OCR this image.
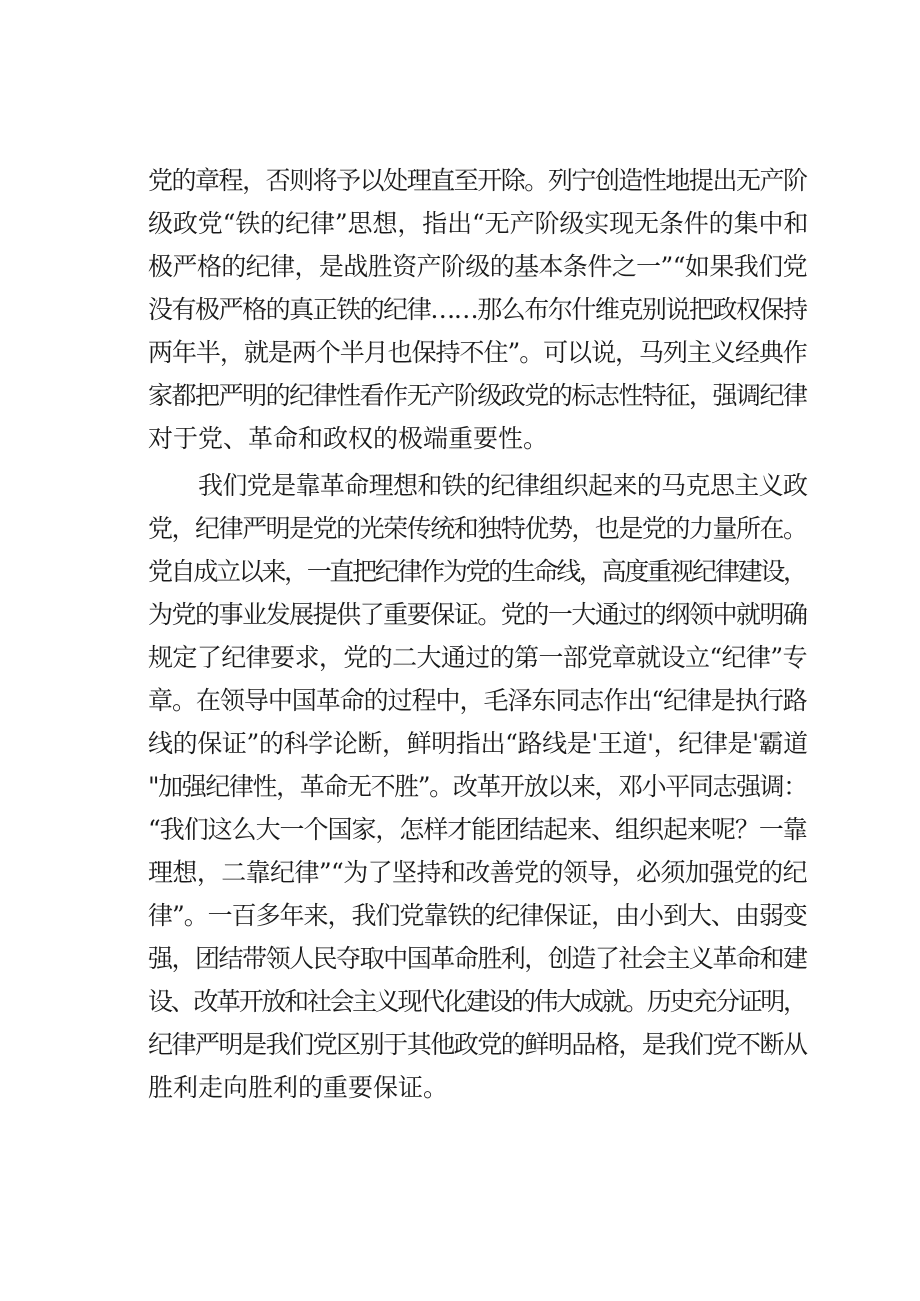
党的章程，否则将予以处理直至开除。列宁创造性地提出无产阶
级政党“铁的纪律”思想，指出“无产阶级实现无条件的集中和
极严格的纪律，是战胜资产阶级的基本条件之一”“如果我们党
没有极严格的真正铁的纪律……那么布尔什维克别说把政权保持
两年半，就是两个半月也保持不住”。可以说，马列主义经典作
家都把严明的纪律性看作无产阶级政党的标志性特征，强调纪律
对于党、革命和政权的极端重要性。
我们党是靠革命理想和铁的纪律组织起来的马克思主义政
党，纪律严明是党的光荣传统和独特优势，也是党的力量所在。
党自成立以来，一直把纪律作为党的生命线，高度重视纪律建设，
为党的事业发展提供了重要保证。党的一大通过的纲领中就明确
规定了纪律要求，党的二大通过的第一部党章就设立“纪律”专
章。在领导中国革命的过程中，毛泽东同志作出“纪律是执行路
线的保证”的科学论断，鲜明指出“路线是'王道'，纪律是'霸道
"加强纪律性，革命无不胜”。改革开放以来，邓小平同志强调：
“我们这么大一个国家，怎样才能团结起来、组织起来呢？一靠
理想，二靠纪律”“为了坚持和改善党的领导，必须加强党的纪
律”。一百多年来，我们党靠铁的纪律保证，由小到大、由弱变
强，团结带领人民夺取中国革命胜利，创造了社会主义革命和建
设、改革开放和社会主义现代化建设的伟大成就。历史充分证明，
纪律严明是我们党区别于其他政党的鲜明品格，是我们党不断从
胜利走向胜利的重要保证。
